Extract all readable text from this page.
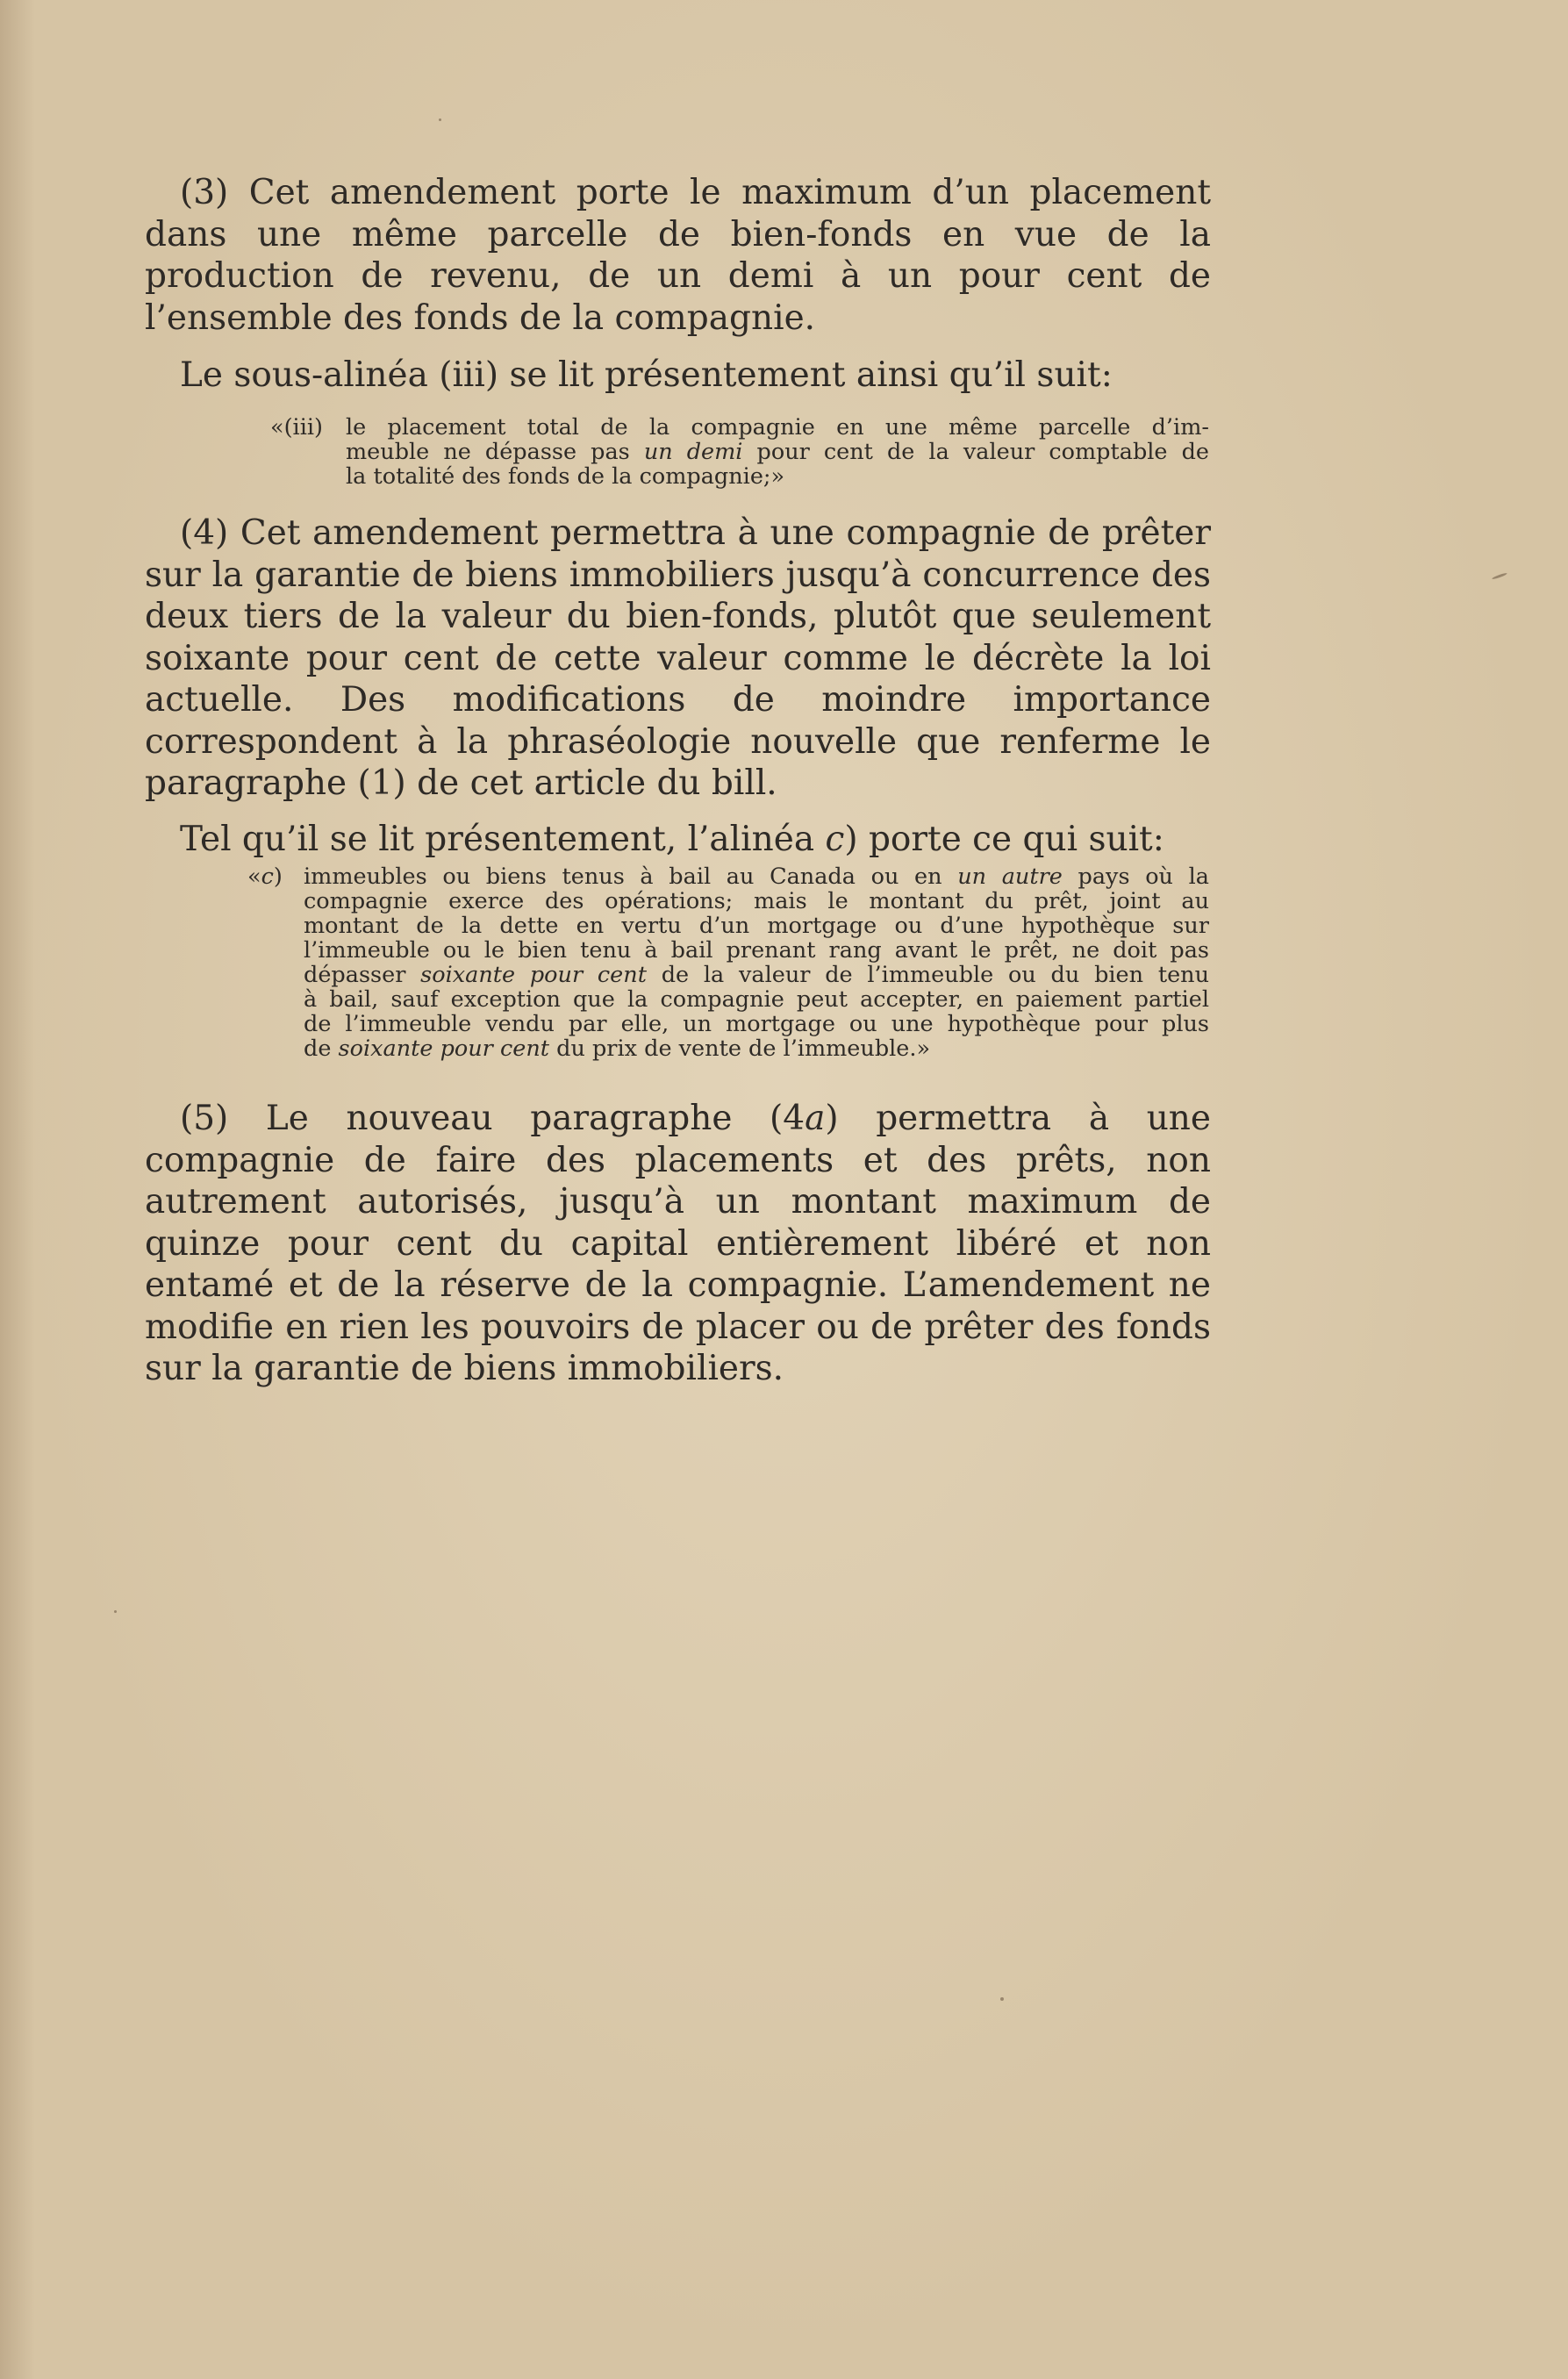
(3) Cet amendement porte le maximum d’un placement dans une même parcelle de bien-fonds en vue de la production de revenu, de un demi à un pour cent de l’ensemble des fonds de la compagnie.

Le sous-alinéa (iii) se lit présentement ainsi qu’il suit:

«(iii) le placement total de la compagnie en une même parcelle d’im-
meuble ne dépasse pas un demi pour cent de la valeur comptable de
la totalité des fonds de la compagnie;»

(4) Cet amendement permettra à une compagnie de prêter sur la garantie de biens immobiliers jusqu’à concurrence des deux tiers de la valeur du bien-fonds, plutôt que seulement soixante pour cent de cette valeur comme le décrète la loi actuelle. Des modifications de moindre importance correspondent à la phraséologie nouvelle que renferme le paragraphe (1) de cet article du bill.

Tel qu’il se lit présentement, l’alinéa c) porte ce qui suit:

«c) immeubles ou biens tenus à bail au Canada ou en un autre pays où la
compagnie exerce des opérations; mais le montant du prêt, joint au
montant de la dette en vertu d’un mortgage ou d’une hypothèque sur
l’immeuble ou le bien tenu à bail prenant rang avant le prêt, ne doit pas
dépasser soixante pour cent de la valeur de l’immeuble ou du bien tenu
à bail, sauf exception que la compagnie peut accepter, en paiement partiel
de l’immeuble vendu par elle, un mortgage ou une hypothèque pour plus
de soixante pour cent du prix de vente de l’immeuble.»

(5) Le nouveau paragraphe (4a) permettra à une compagnie de faire des placements et des prêts, non autrement autorisés, jusqu’à un montant maximum de quinze pour cent du capital entièrement libéré et non entamé et de la réserve de la compagnie. L’amendement ne modifie en rien les pouvoirs de placer ou de prêter des fonds sur la garantie de biens immobiliers.
